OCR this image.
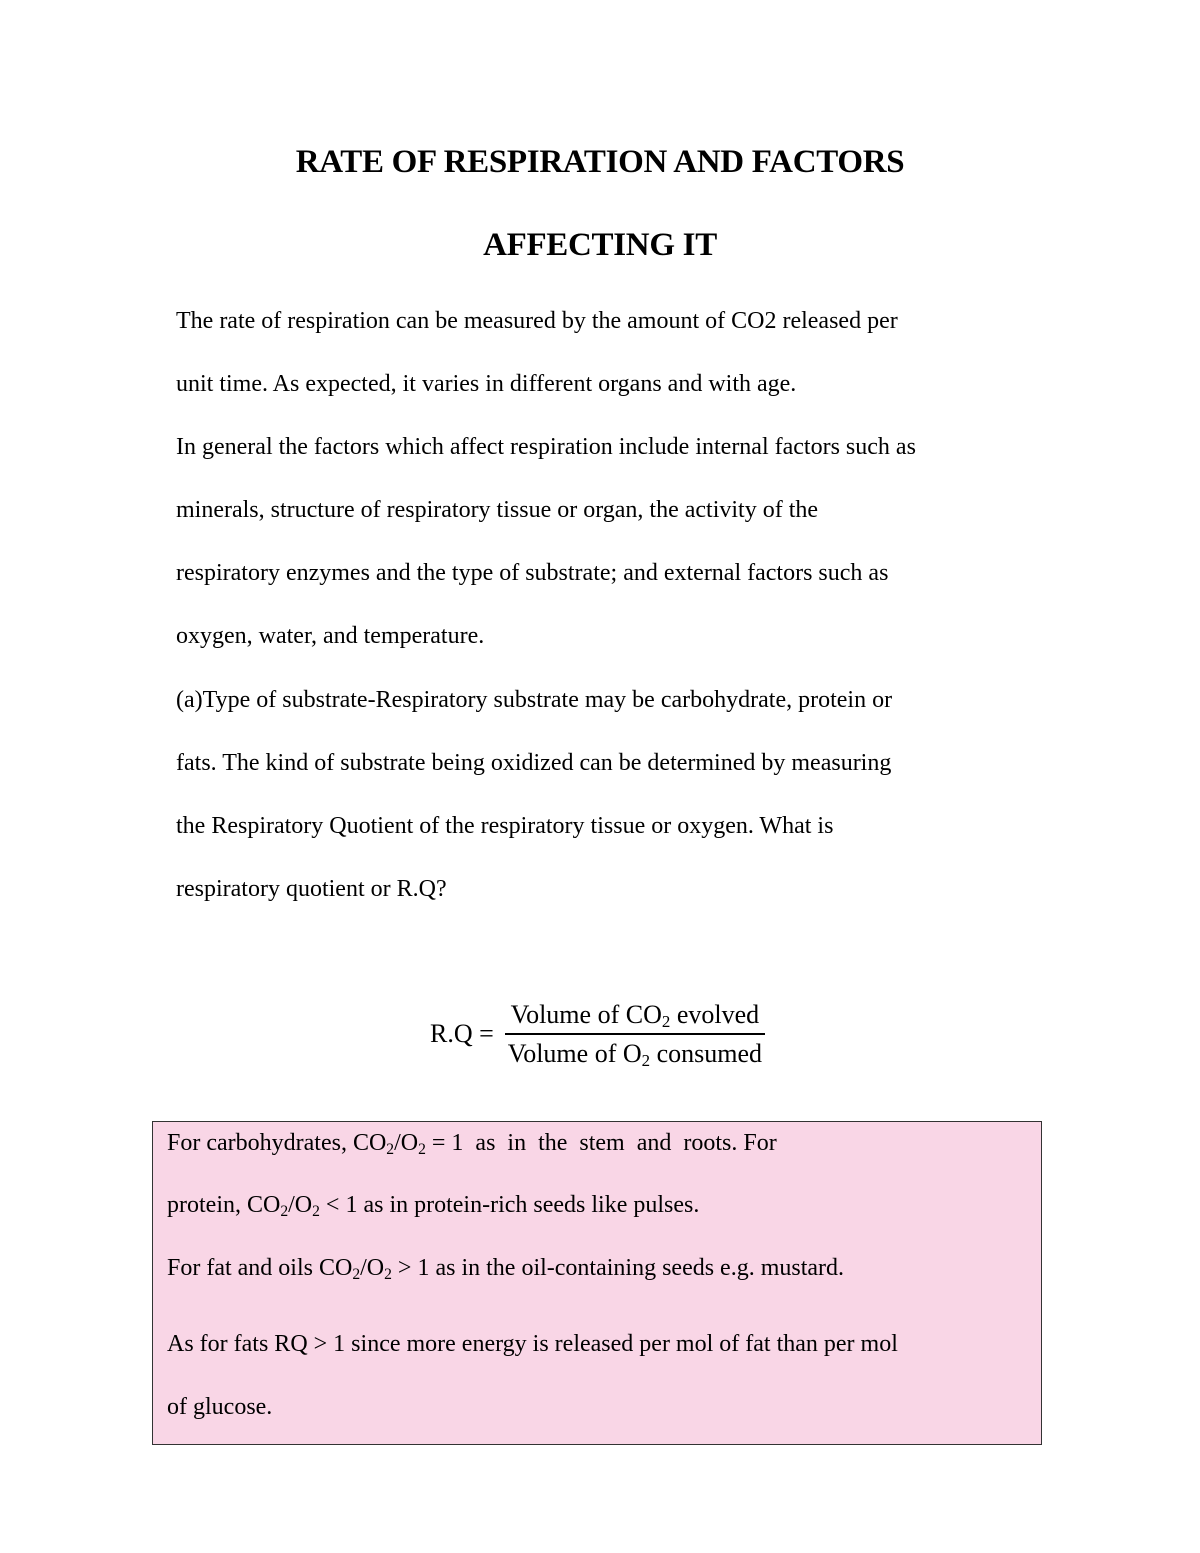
RATE OF RESPIRATION AND FACTORS
AFFECTING IT

The rate of respiration can be measured by the amount of CO2 released per

unit time. As expected, it varies in different organs and with age.

In general the factors which affect respiration include internal factors such as

minerals, structure of respiratory tissue or organ, the activity of the

respiratory enzymes and the type of substrate; and external factors such as

oxygen, water, and temperature.

(a)Type of substrate-Respiratory substrate may be carbohydrate, protein or

fats. The kind of substrate being oxidized can be determined by measuring

the Respiratory Quotient of the respiratory tissue or oxygen. What is

respiratory quotient or R.Q?

$R.Q = \frac{Volume of CO_2 evolved}{Volume of O_2 consumed}$

For carbohydrates, $CO_2/O_2 = 1$  as  in  the  stem  and  roots. For

protein, $CO_2/O_2 < 1$ as in protein-rich seeds like pulses.

For fat and oils $CO_2/O_2 > 1$ as in the oil-containing seeds e.g. mustard.

As for fats RQ > 1 since more energy is released per mol of fat than per mol

of glucose.
